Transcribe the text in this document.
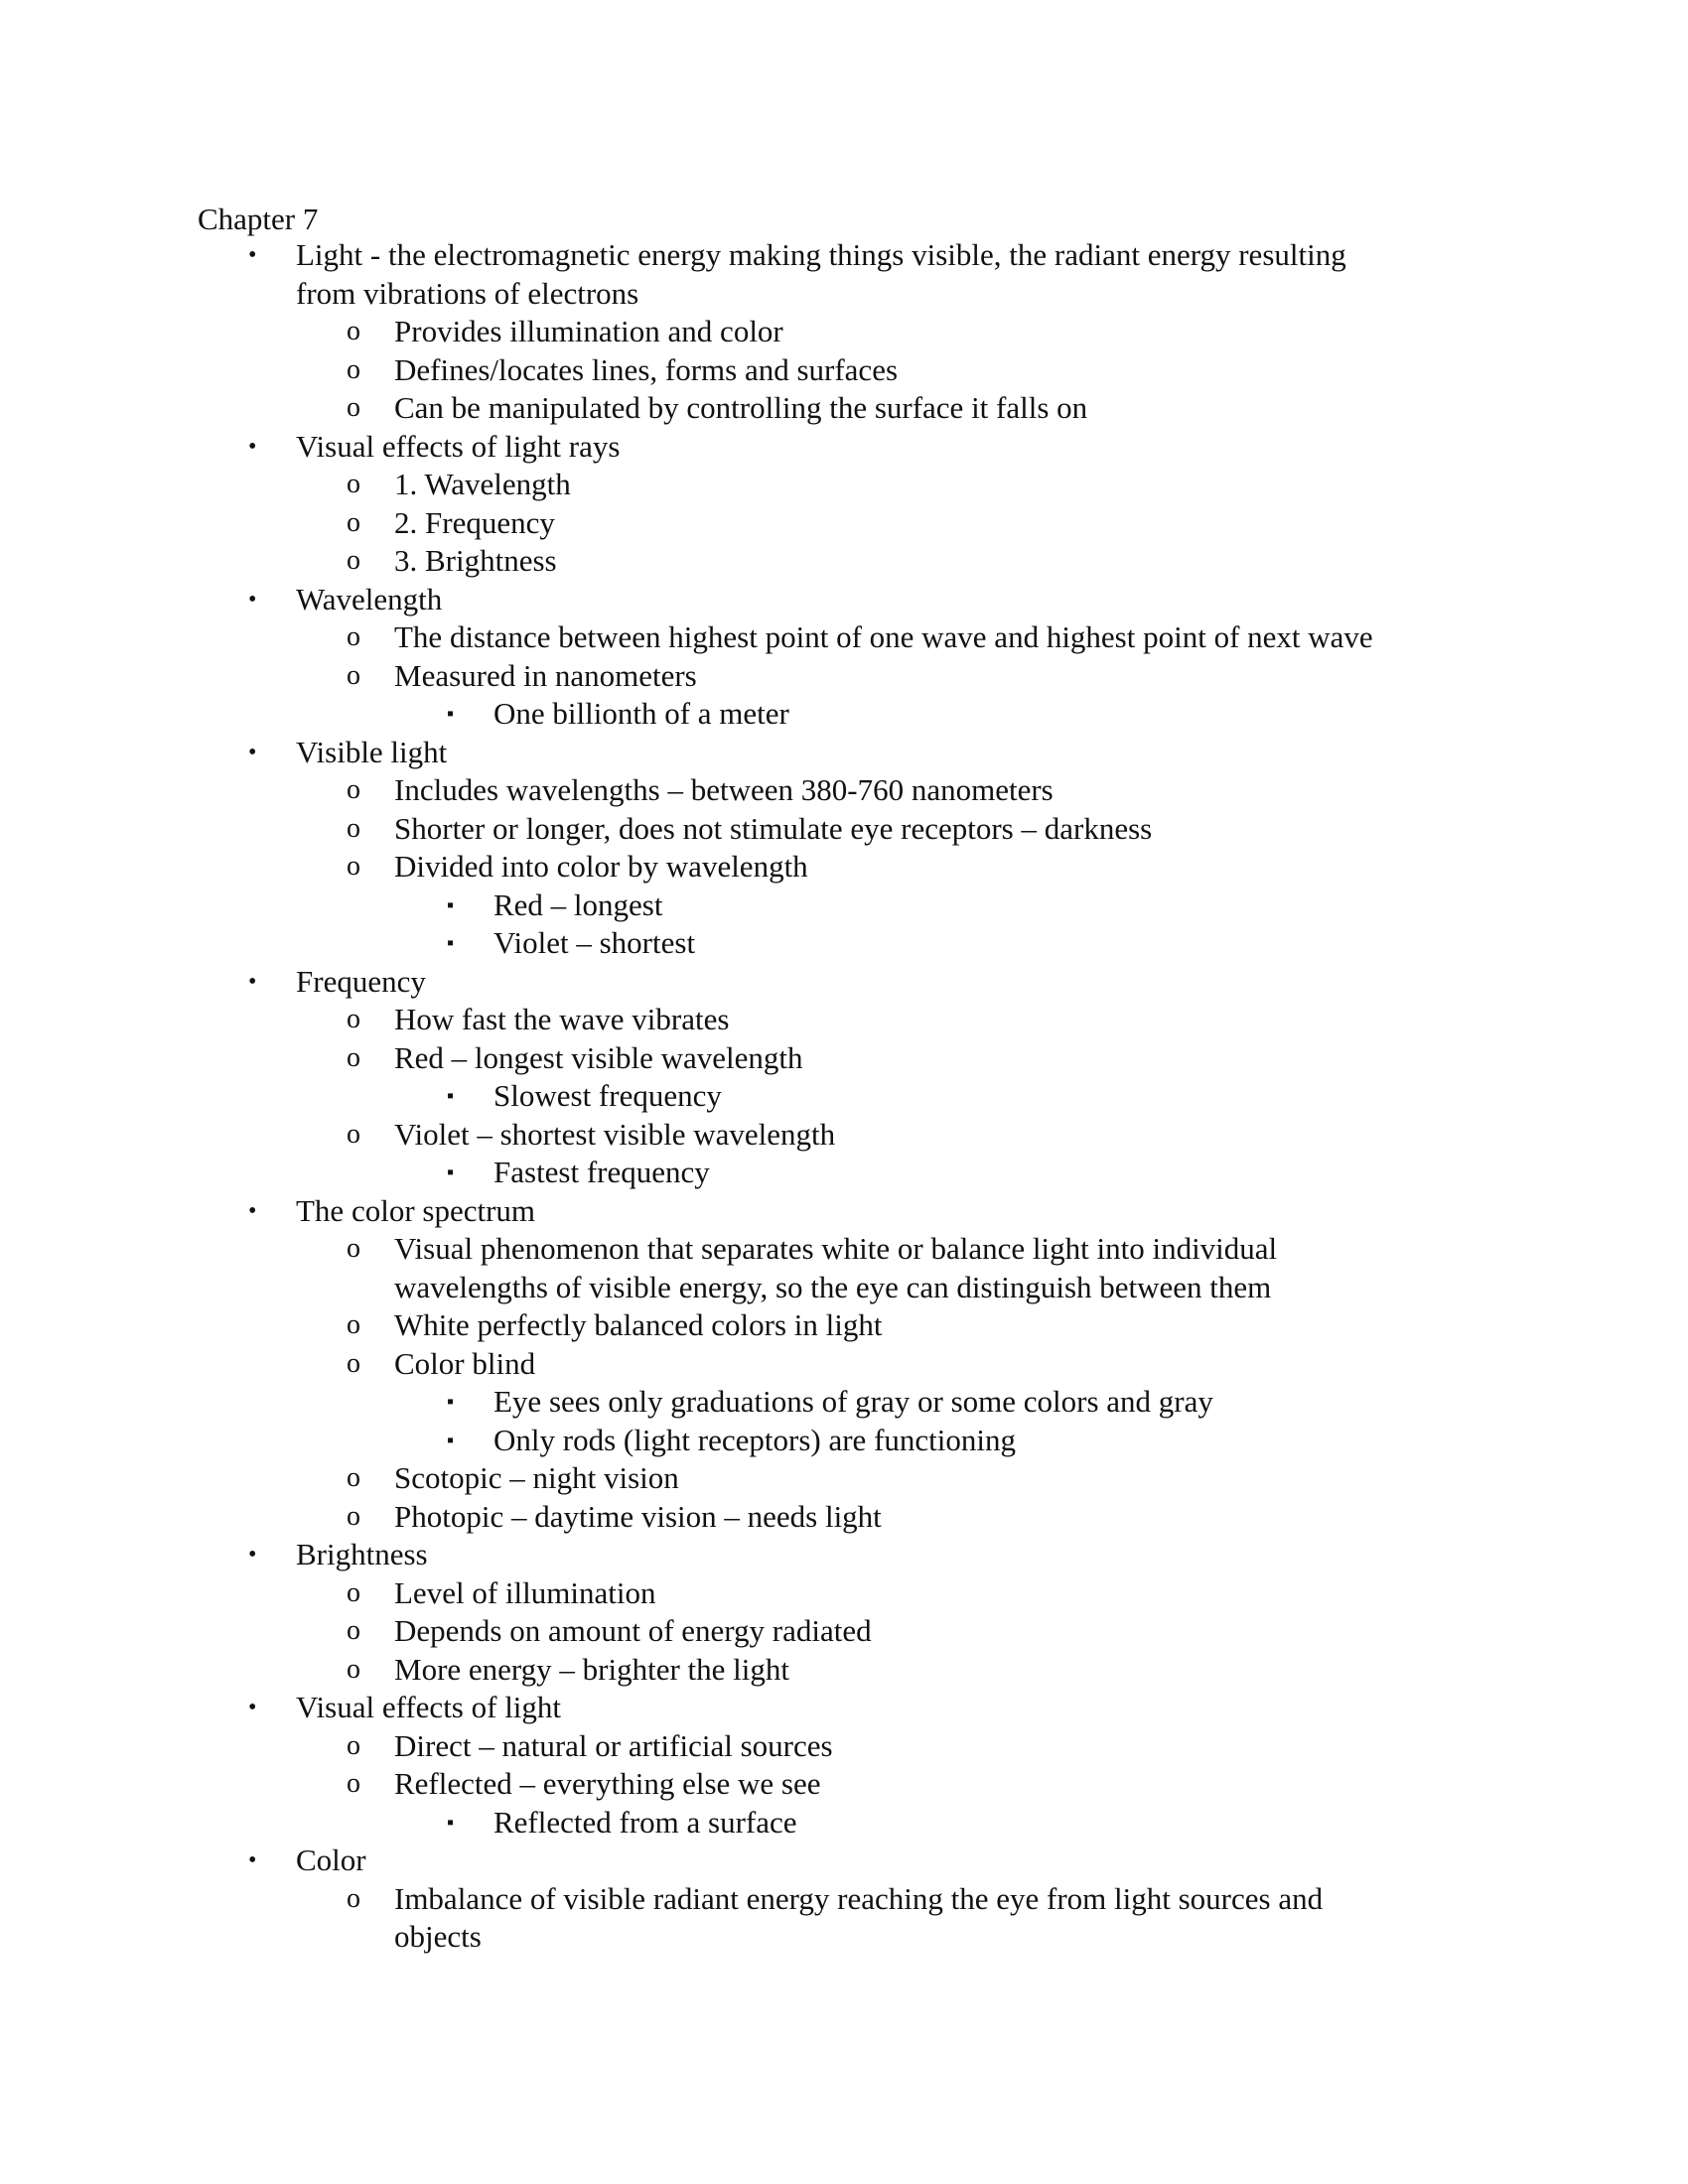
Chapter 7
• Light - the electromagnetic energy making things visible, the radiant energy resulting
from vibrations of electrons
o Provides illumination and color
o Defines/locates lines, forms and surfaces
o Can be manipulated by controlling the surface it falls on
• Visual effects of light rays
o 1. Wavelength
o 2. Frequency
o 3. Brightness
• Wavelength
o The distance between highest point of one wave and highest point of next wave
o Measured in nanometers
▪ One billionth of a meter
• Visible light
o Includes wavelengths – between 380-760 nanometers
o Shorter or longer, does not stimulate eye receptors – darkness
o Divided into color by wavelength
▪ Red – longest
▪ Violet – shortest
• Frequency
o How fast the wave vibrates
o Red – longest visible wavelength
▪ Slowest frequency
o Violet – shortest visible wavelength
▪ Fastest frequency
• The color spectrum
o Visual phenomenon that separates white or balance light into individual
wavelengths of visible energy, so the eye can distinguish between them
o White perfectly balanced colors in light
o Color blind
▪ Eye sees only graduations of gray or some colors and gray
▪ Only rods (light receptors) are functioning
o Scotopic – night vision
o Photopic – daytime vision – needs light
• Brightness
o Level of illumination
o Depends on amount of energy radiated
o More energy – brighter the light
• Visual effects of light
o Direct – natural or artificial sources
o Reflected – everything else we see
▪ Reflected from a surface
• Color
o Imbalance of visible radiant energy reaching the eye from light sources and
objects
